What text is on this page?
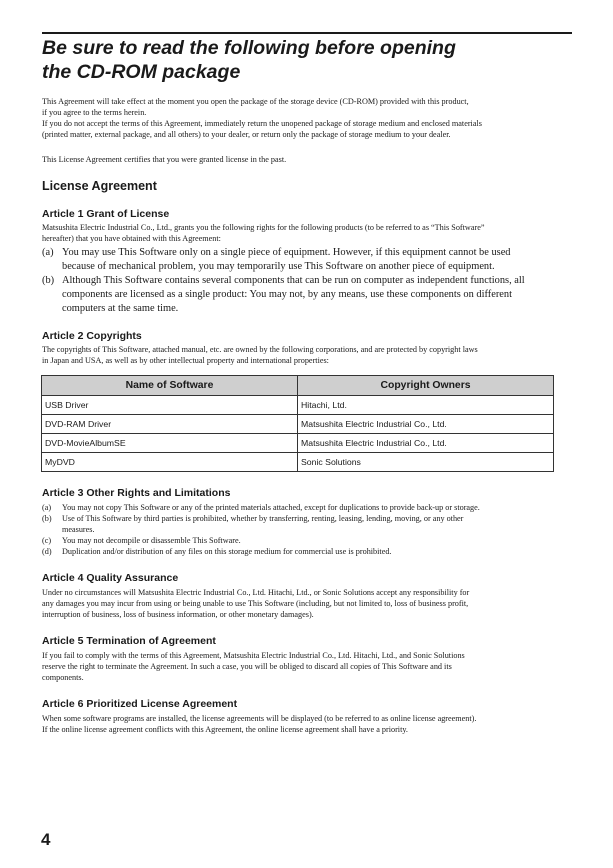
Be sure to read the following before opening
the CD-ROM package
This Agreement will take effect at the moment you open the package of the storage device (CD-ROM) provided with this product,
if you agree to the terms herein.
If you do not accept the terms of this Agreement, immediately return the unopened package of storage medium and enclosed materials
(printed matter, external package, and all others) to your dealer, or return only the package of storage medium to your dealer.
This License Agreement certifies that you were granted license in the past.
License Agreement
Article 1 Grant of License
Matsushita Electric Industrial Co., Ltd., grants you the following rights for the following products (to be referred to as “This Software”
hereafter) that you have obtained with this Agreement:
(a) You may use This Software only on a single piece of equipment. However, if this equipment cannot be used
because of mechanical problem, you may temporarily use This Software on another piece of equipment.
(b) Although This Software contains several components that can be run on computer as independent functions, all
components are licensed as a single product: You may not, by any means, use these components on different
computers at the same time.
Article 2 Copyrights
The copyrights of This Software, attached manual, etc. are owned by the following corporations, and are protected by copyright laws
in Japan and USA, as well as by other intellectual property and international properties:
Name of Software	Copyright Owners
USB Driver	Hitachi, Ltd.
DVD-RAM Driver	Matsushita Electric Industrial Co., Ltd.
DVD-MovieAlbumSE	Matsushita Electric Industrial Co., Ltd.
MyDVD	Sonic Solutions
Article 3 Other Rights and Limitations
(a)	You may not copy This Software or any of the printed materials attached, except for duplications to provide back-up or storage.
(b)	Use of This Software by third parties is prohibited, whether by transferring, renting, leasing, lending, moving, or any other
measures.
(c)	You may not decompile or disassemble This Software.
(d)	Duplication and/or distribution of any files on this storage medium for commercial use is prohibited.
Article 4 Quality Assurance
Under no circumstances will Matsushita Electric Industrial Co., Ltd. Hitachi, Ltd., or Sonic Solutions accept any responsibility for
any damages you may incur from using or being unable to use This Software (including, but not limited to, loss of business profit,
interruption of business, loss of business information, or other monetary damages).
Article 5 Termination of Agreement
If you fail to comply with the terms of this Agreement, Matsushita Electric Industrial Co., Ltd. Hitachi, Ltd., and Sonic Solutions
reserve the right to terminate the Agreement. In such a case, you will be obliged to discard all copies of This Software and its
components.
Article 6 Prioritized License Agreement
When some software programs are installed, the license agreements will be displayed (to be referred to as online license agreement).
If the online license agreement conflicts with this Agreement, the online license agreement shall have a priority.
4
